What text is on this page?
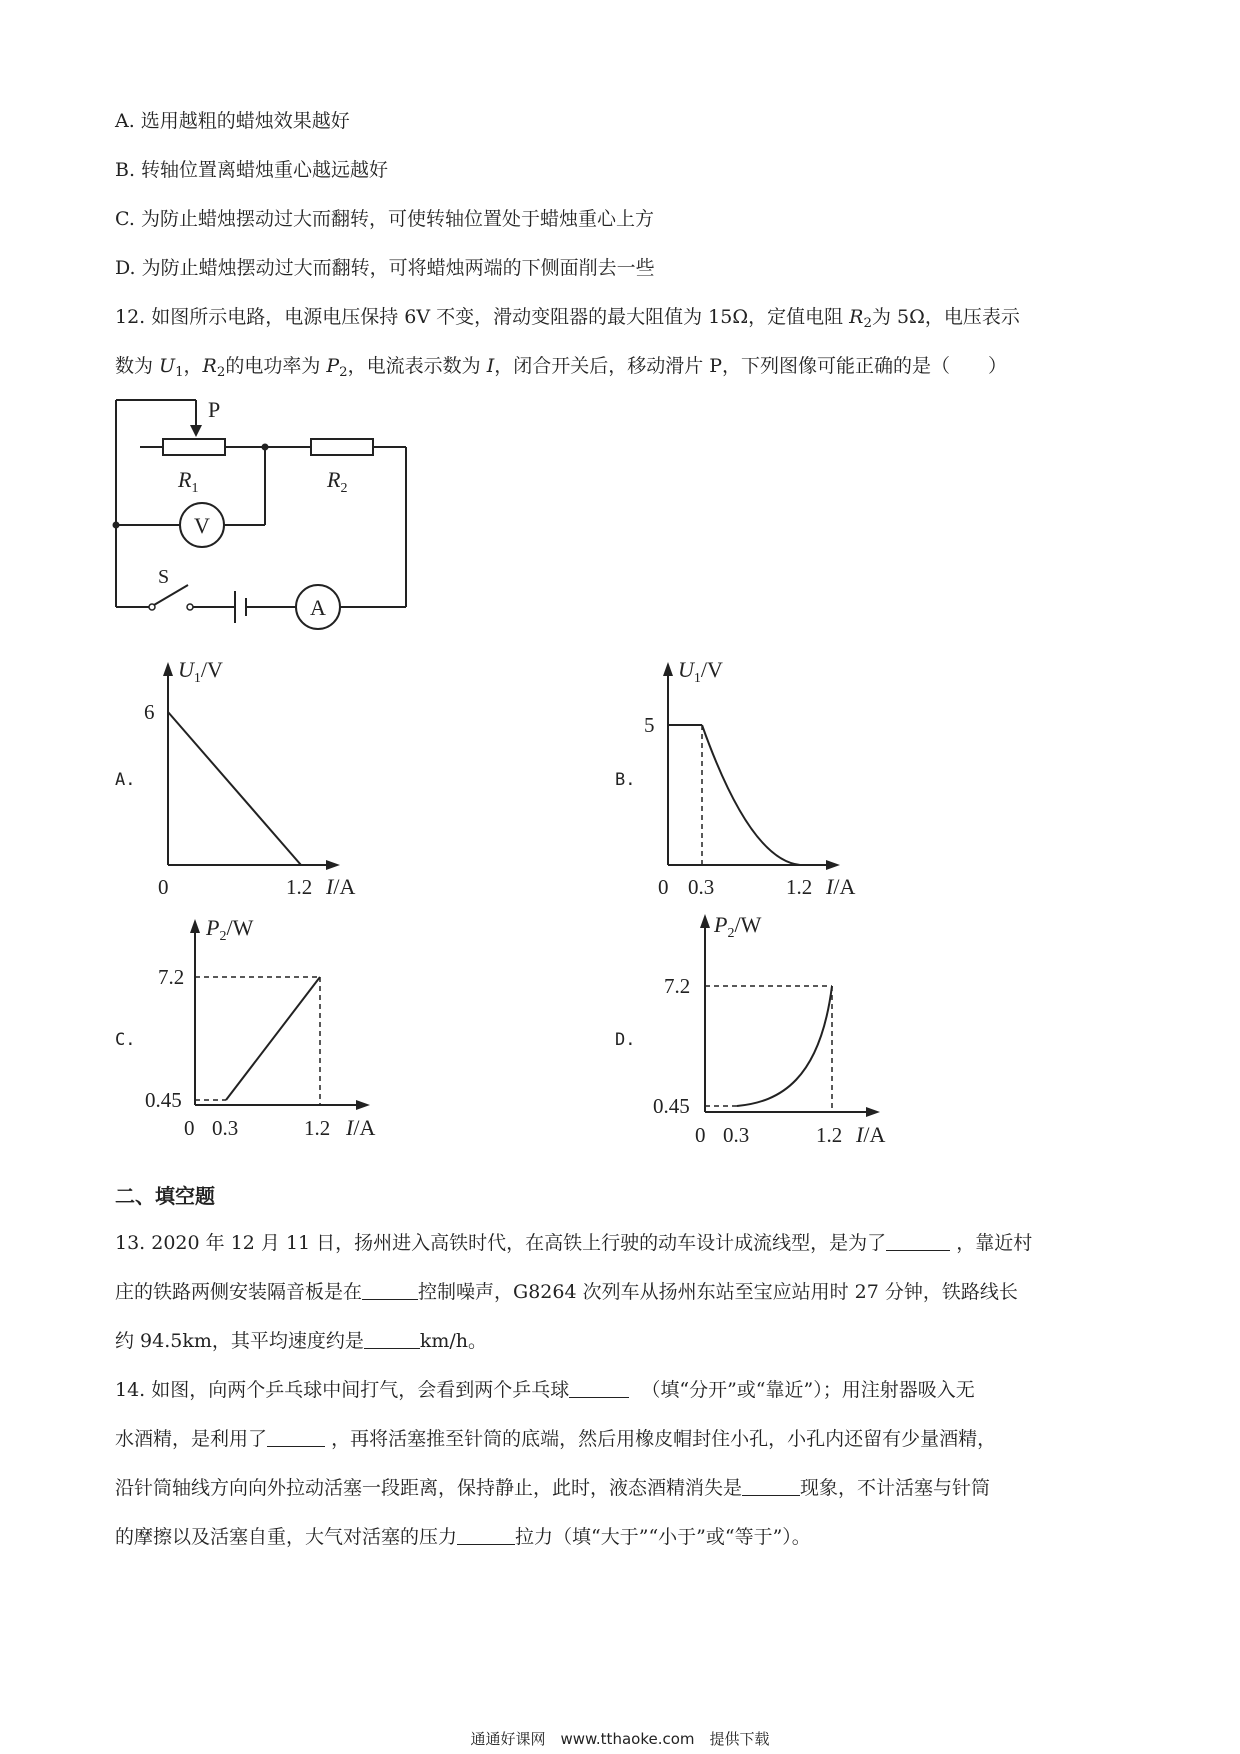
A. 选用越粗的蜡烛效果越好
B. 转轴位置离蜡烛重心越远越好
C. 为防止蜡烛摆动过大而翻转，可使转轴位置处于蜡烛重心上方
D. 为防止蜡烛摆动过大而翻转，可将蜡烛两端的下侧面削去一些
12. 如图所示电路，电源电压保持 6V 不变，滑动变阻器的最大阻值为 15Ω，定值电阻 $R_2$为 5Ω，电压表示
数为 $U_1$，$R_2$的电功率为 $P_2$，电流表示数为 I，闭合开关后，移动滑片 P，下列图像可能正确的是（　　）
P
$R_1$	$R_2$
V
A
S
A.
$U_1/V$
6
0	1.2 I/A
B.
$U_1/V$
5
0 0.3	1.2 I/A
C.
$P_2/W$
7.2
0.45
0 0.3	1.2 I/A
D.
$P_2/W$
7.2
0.45
0 0.3	1.2 I/A
二、填空题
13. 2020 年 12 月 11 日，扬州进入高铁时代，在高铁上行驶的动车设计成流线型，是为了	，靠近村
庄的铁路两侧安装隔音板是在	控制噪声，G8264 次列车从扬州东站至宝应站用时 27 分钟，铁路线长
约 94.5km，其平均速度约是	km/h。
14. 如图，向两个乒乓球中间打气，会看到两个乒乓球	（填“分开”或“靠近”）；用注射器吸入无
水酒精，是利用了	，再将活塞推至针筒的底端，然后用橡皮帽封住小孔，小孔内还留有少量酒精，
沿针筒轴线方向向外拉动活塞一段距离，保持静止，此时，液态酒精消失是	现象，不计活塞与针筒
的摩擦以及活塞自重，大气对活塞的压力	拉力（填“大于”“小于”或“等于”）。
通通好课网　www.tthaoke.com　提供下载
